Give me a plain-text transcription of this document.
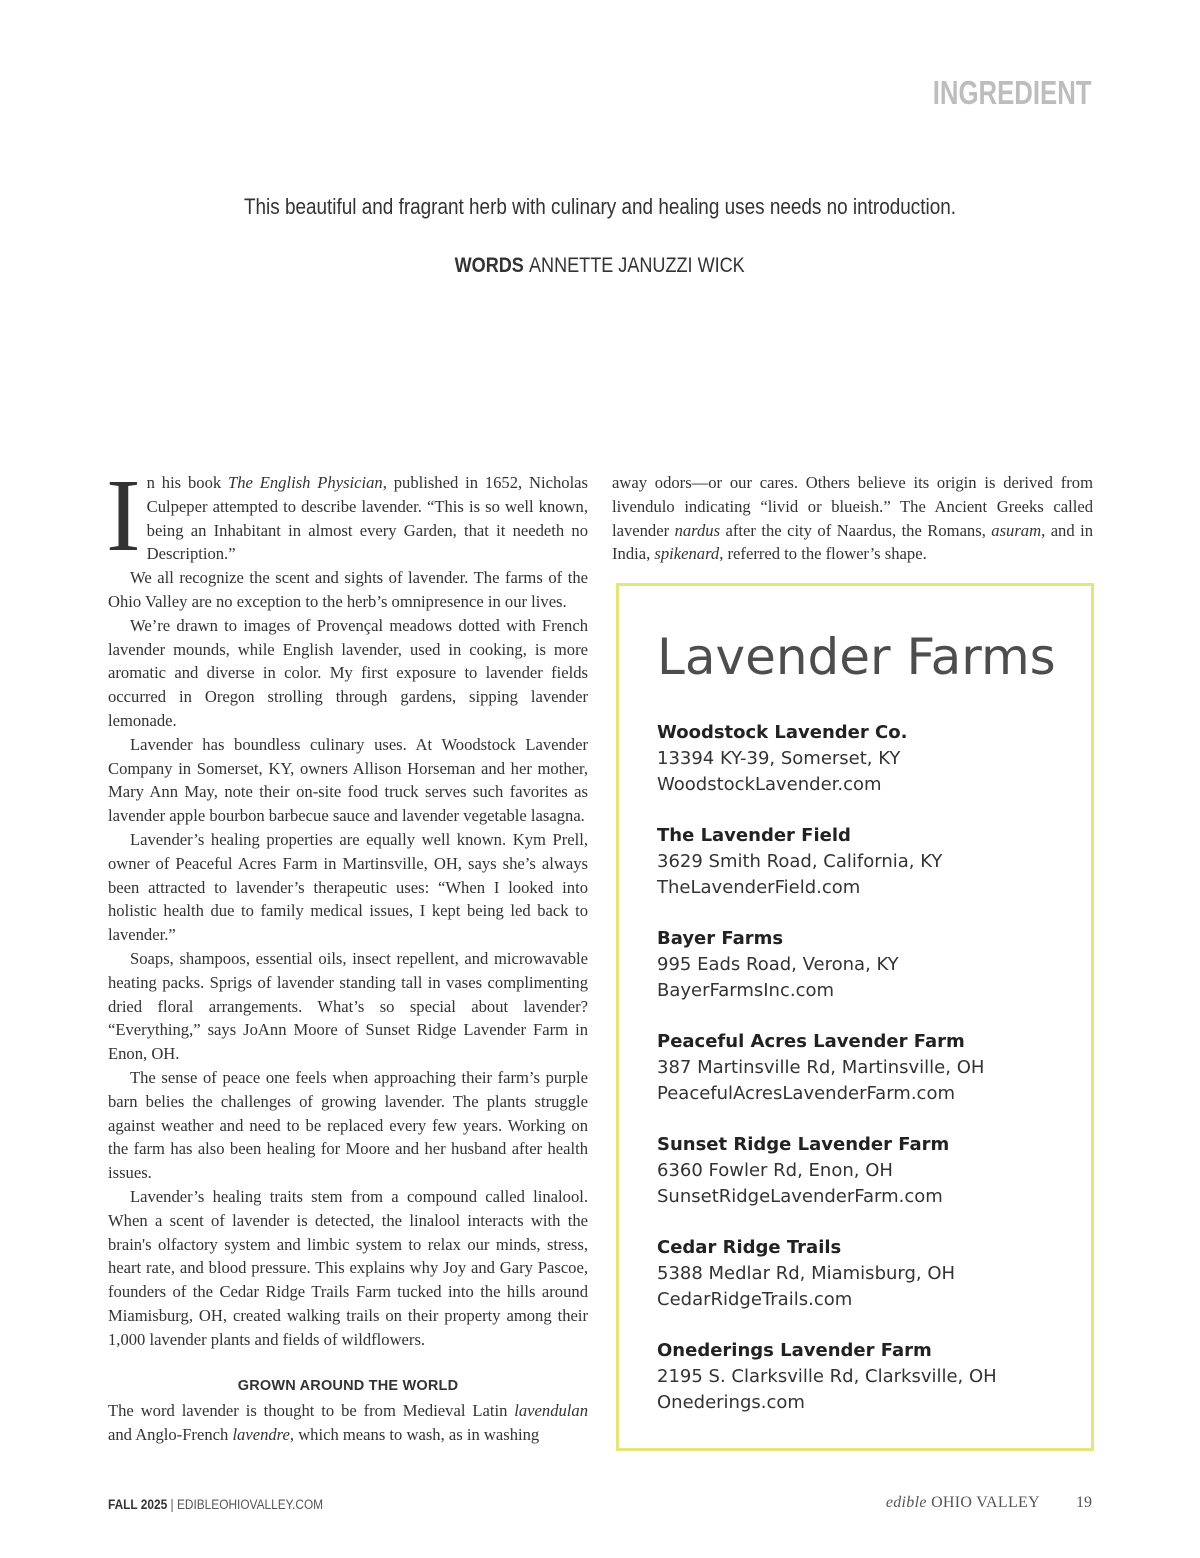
INGREDIENT
This beautiful and fragrant herb with culinary and healing uses needs no introduction.
WORDS ANNETTE JANUZZI WICK

In his book The English Physician, published in 1652, Nicholas Culpeper attempted to describe lavender. “This is so well known, being an Inhabitant in almost every Garden, that it needeth no Description.”

We all recognize the scent and sights of lavender. The farms of the Ohio Valley are no exception to the herb’s omnipresence in our lives.

We’re drawn to images of Provençal meadows dotted with French lavender mounds, while English lavender, used in cooking, is more aromatic and diverse in color. My first exposure to lavender fields occurred in Oregon strolling through gardens, sipping lavender lemonade.

Lavender has boundless culinary uses. At Woodstock Lavender Company in Somerset, KY, owners Allison Horseman and her mother, Mary Ann May, note their on-site food truck serves such favorites as lavender apple bourbon barbecue sauce and lavender vegetable lasagna.

Lavender’s healing properties are equally well known. Kym Prell, owner of Peaceful Acres Farm in Martinsville, OH, says she’s always been attracted to lavender’s therapeutic uses: “When I looked into holistic health due to family medical issues, I kept being led back to lavender.”

Soaps, shampoos, essential oils, insect repellent, and microwavable heating packs. Sprigs of lavender standing tall in vases complimenting dried floral arrangements. What’s so special about lavender? “Everything,” says JoAnn Moore of Sunset Ridge Lavender Farm in Enon, OH.

The sense of peace one feels when approaching their farm’s purple barn belies the challenges of growing lavender. The plants struggle against weather and need to be replaced every few years. Working on the farm has also been healing for Moore and her husband after health issues.

Lavender’s healing traits stem from a compound called linalool. When a scent of lavender is detected, the linalool interacts with the brain's olfactory system and limbic system to relax our minds, stress, heart rate, and blood pressure. This explains why Joy and Gary Pascoe, founders of the Cedar Ridge Trails Farm tucked into the hills around Miamisburg, OH, created walking trails on their property among their 1,000 lavender plants and fields of wildflowers.

GROWN AROUND THE WORLD

The word lavender is thought to be from Medieval Latin lavendulan and Anglo-French lavendre, which means to wash, as in washing

away odors—or our cares. Others believe its origin is derived from livendulo indicating “livid or blueish.” The Ancient Greeks called lavender nardus after the city of Naardus, the Romans, asuram, and in India, spikenard, referred to the flower’s shape.

Lavender Farms
Woodstock Lavender Co.
13394 KY-39, Somerset, KY
WoodstockLavender.com
The Lavender Field
3629 Smith Road, California, KY
TheLavenderField.com
Bayer Farms
995 Eads Road, Verona, KY
BayerFarmsInc.com
Peaceful Acres Lavender Farm
387 Martinsville Rd, Martinsville, OH
PeacefulAcresLavenderFarm.com
Sunset Ridge Lavender Farm
6360 Fowler Rd, Enon, OH
SunsetRidgeLavenderFarm.com
Cedar Ridge Trails
5388 Medlar Rd, Miamisburg, OH
CedarRidgeTrails.com
Onederings Lavender Farm
2195 S. Clarksville Rd, Clarksville, OH
Onederings.com
FALL 2025 | EDIBLEOHIOVALLEY.COM	edible OHIO VALLEY 19
